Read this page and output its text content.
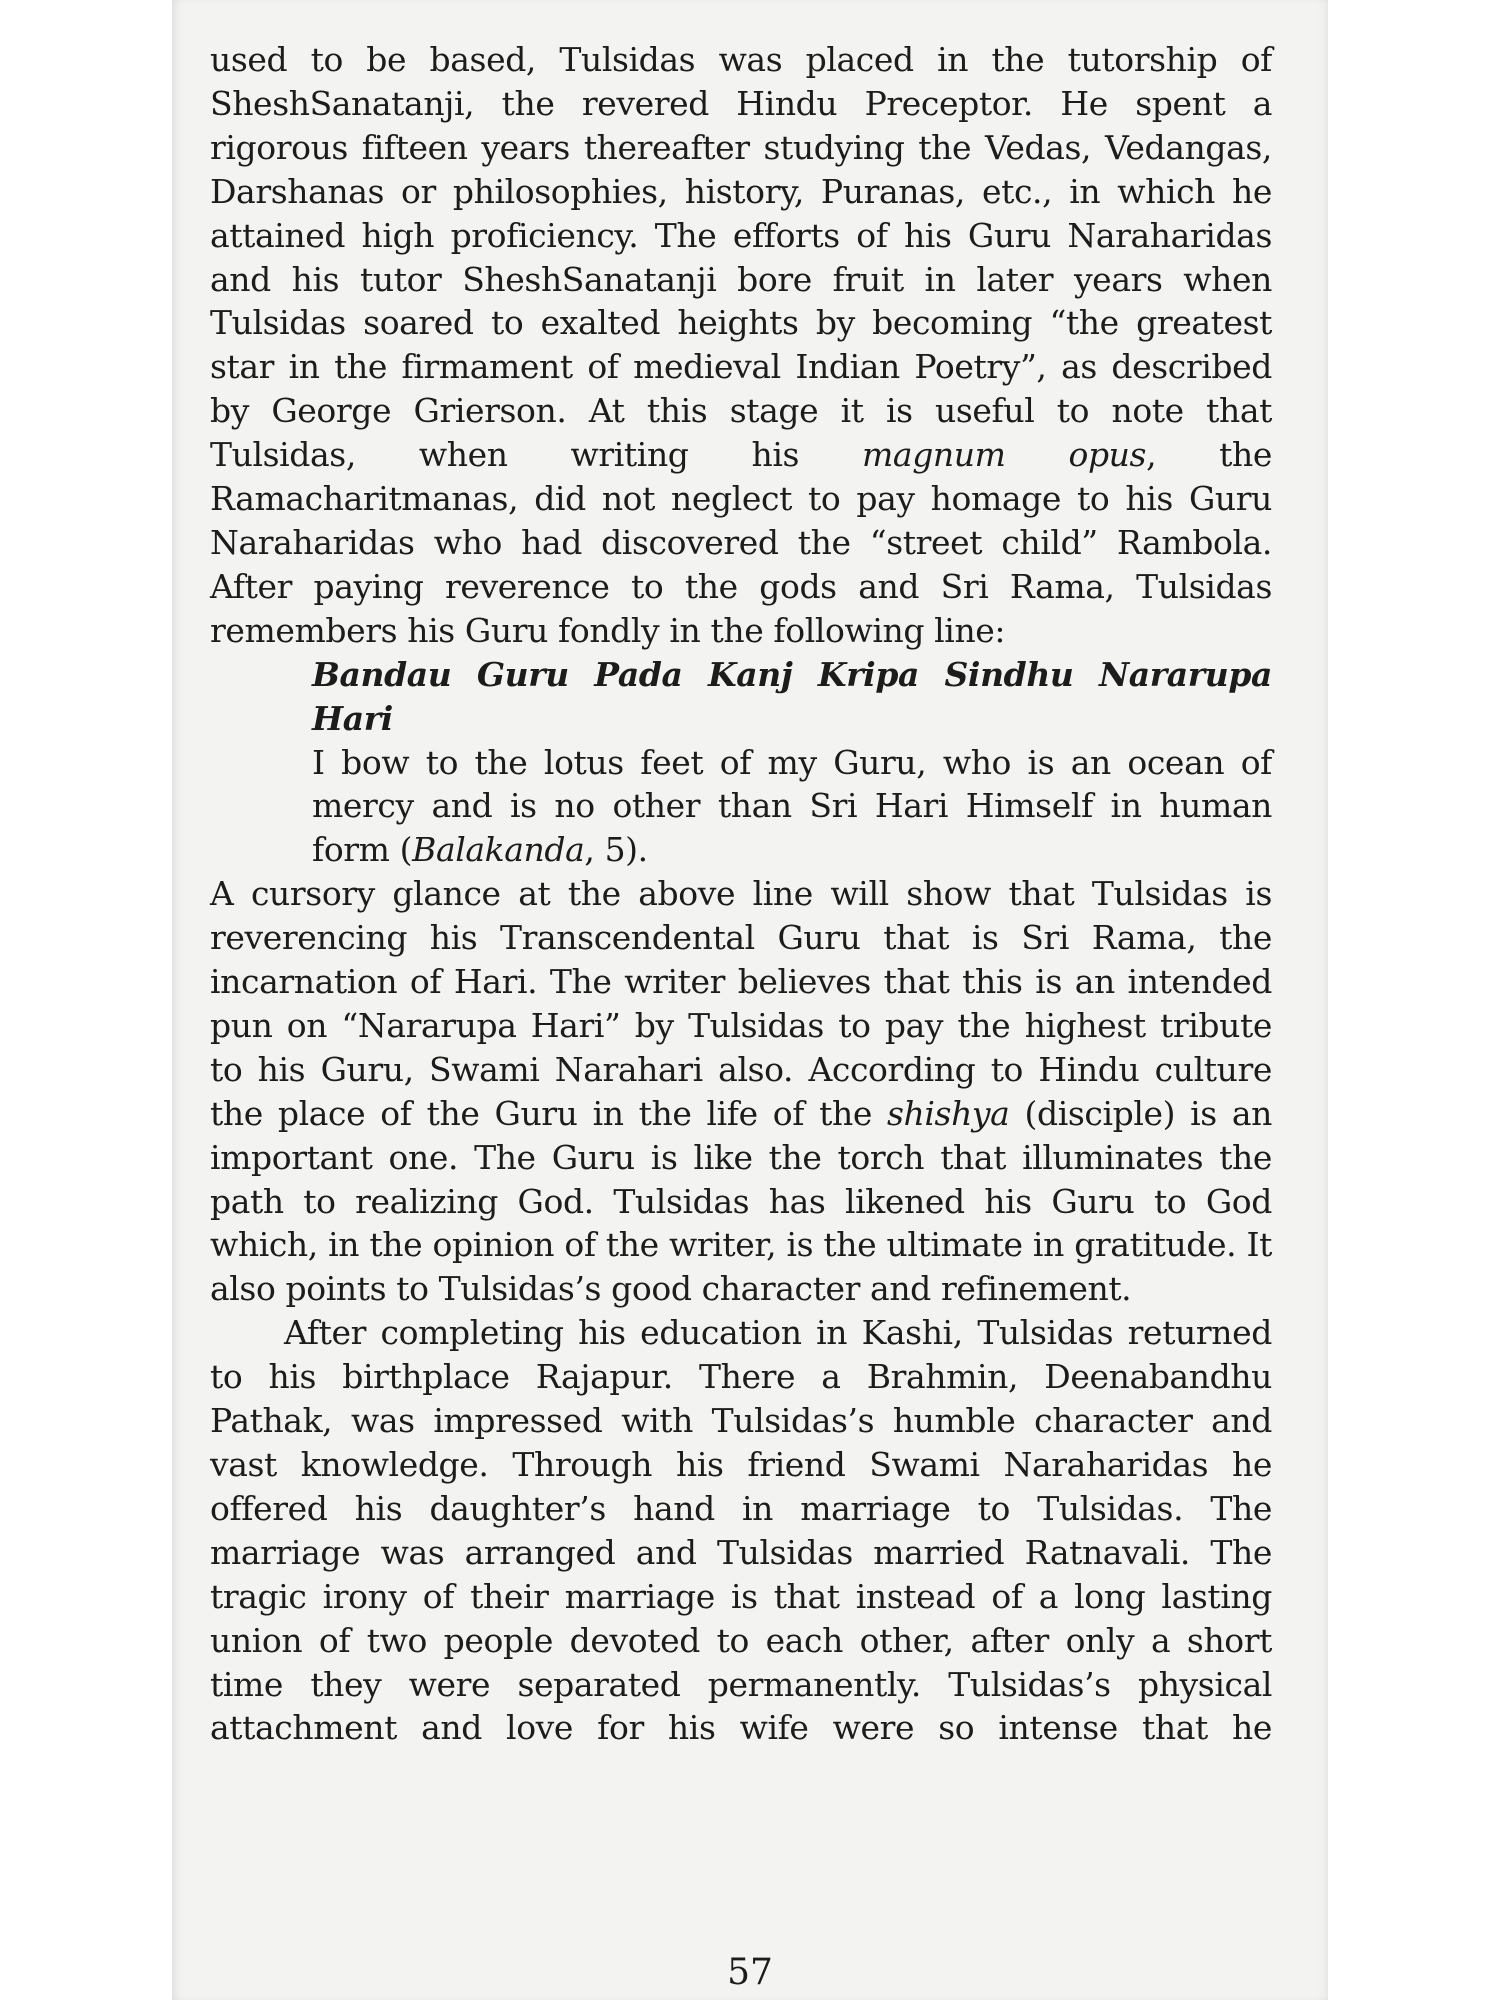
used to be based, Tulsidas was placed in the tutorship of SheshSanatanji, the revered Hindu Preceptor. He spent a rigorous fifteen years thereafter studying the Vedas, Vedangas, Darshanas or philosophies, history, Puranas, etc., in which he attained high proficiency. The efforts of his Guru Naraharidas and his tutor SheshSanatanji bore fruit in later years when Tulsidas soared to exalted heights by becoming “the greatest star in the firmament of medieval Indian Poetry”, as described by George Grierson. At this stage it is useful to note that Tulsidas, when writing his magnum opus, the Ramacharitmanas, did not neglect to pay homage to his Guru Naraharidas who had discovered the “street child” Rambola. After paying reverence to the gods and Sri Rama, Tulsidas remembers his Guru fondly in the following line:

Bandau Guru Pada Kanj Kripa Sindhu Nararupa Hari

I bow to the lotus feet of my Guru, who is an ocean of mercy and is no other than Sri Hari Himself in human form (Balakanda, 5).

A cursory glance at the above line will show that Tulsidas is reverencing his Transcendental Guru that is Sri Rama, the incarnation of Hari. The writer believes that this is an intended pun on “Nararupa Hari” by Tulsidas to pay the highest tribute to his Guru, Swami Narahari also. According to Hindu culture the place of the Guru in the life of the shishya (disciple) is an important one. The Guru is like the torch that illuminates the path to realizing God. Tulsidas has likened his Guru to God which, in the opinion of the writer, is the ultimate in gratitude. It also points to Tulsidas’s good character and refinement.

After completing his education in Kashi, Tulsidas returned to his birthplace Rajapur. There a Brahmin, Deenabandhu Pathak, was impressed with Tulsidas’s humble character and vast knowledge. Through his friend Swami Naraharidas he offered his daughter’s hand in marriage to Tulsidas. The marriage was arranged and Tulsidas married Ratnavali. The tragic irony of their marriage is that instead of a long lasting union of two people devoted to each other, after only a short time they were separated permanently. Tulsidas’s physical attachment and love for his wife were so intense that he

57
